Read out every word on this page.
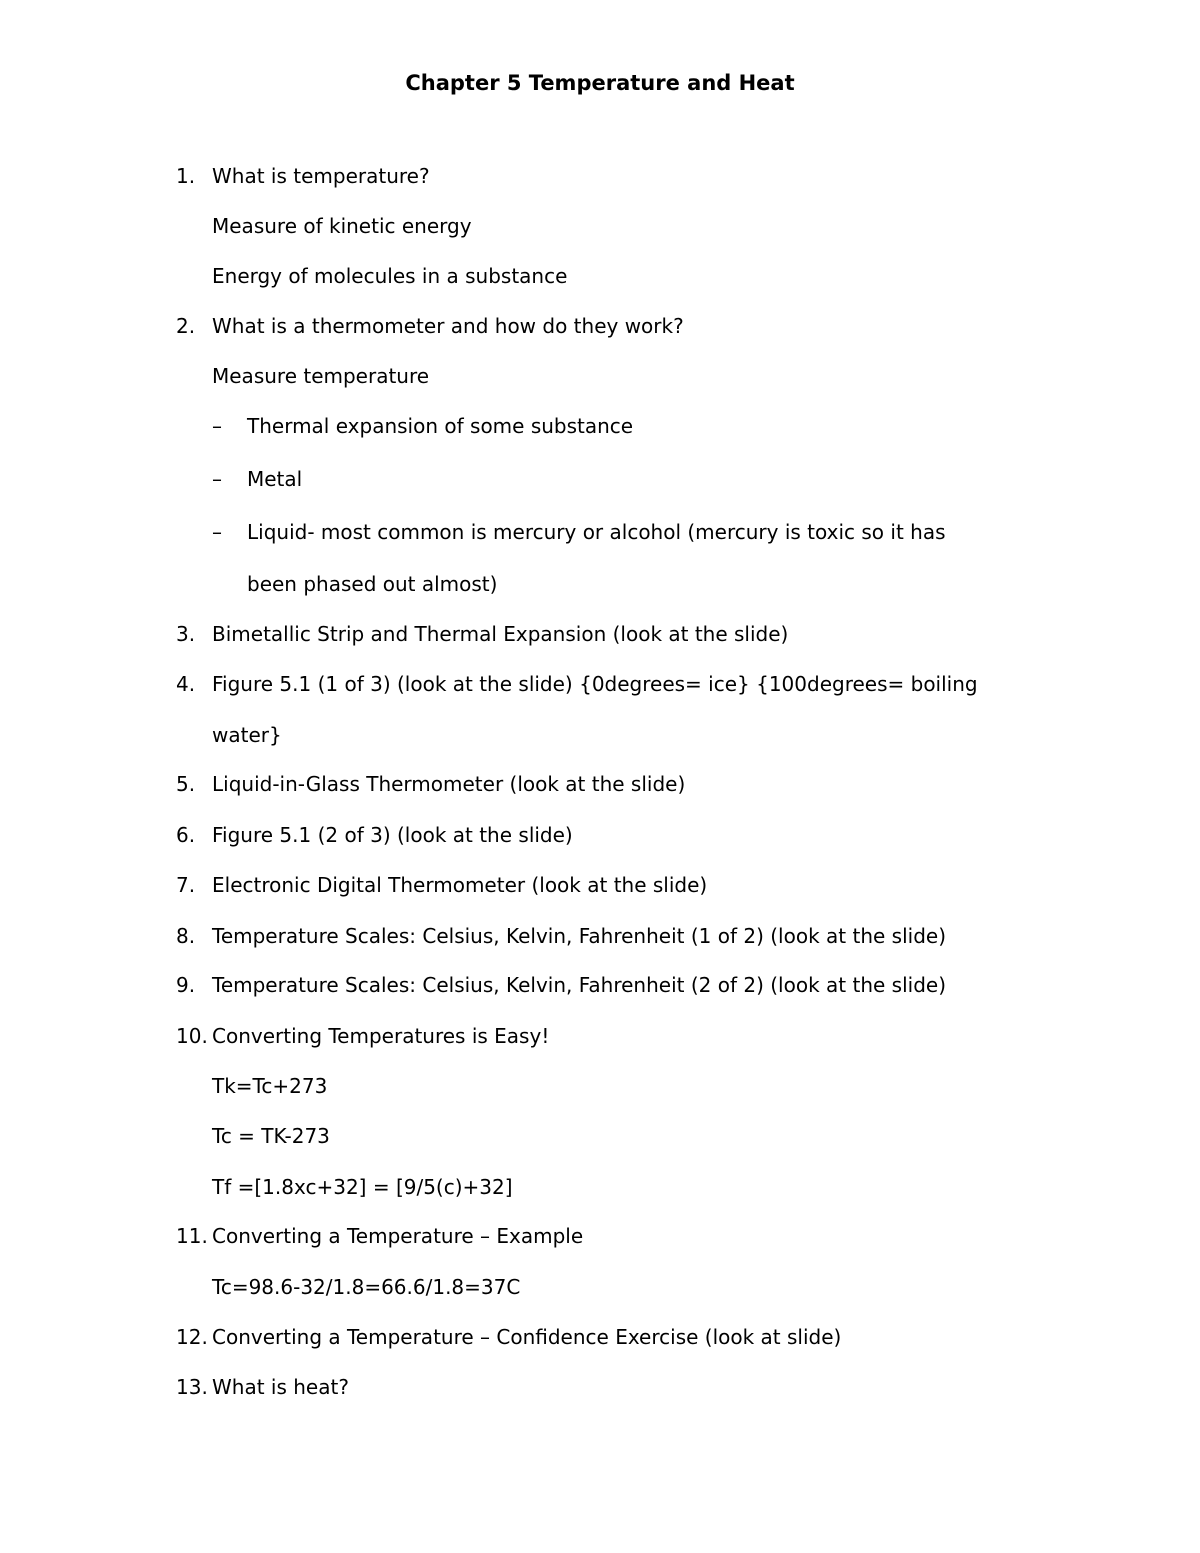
Chapter 5 Temperature and Heat
1. What is temperature?
Measure of kinetic energy
Energy of molecules in a substance
2. What is a thermometer and how do they work?
Measure temperature
– Thermal expansion of some substance
– Metal
– Liquid- most common is mercury or alcohol (mercury is toxic so it has
been phased out almost)
3. Bimetallic Strip and Thermal Expansion (look at the slide)
4. Figure 5.1 (1 of 3) (look at the slide) {0degrees= ice} {100degrees= boiling
water}
5. Liquid-in-Glass Thermometer (look at the slide)
6. Figure 5.1 (2 of 3) (look at the slide)
7. Electronic Digital Thermometer (look at the slide)
8. Temperature Scales: Celsius, Kelvin, Fahrenheit (1 of 2) (look at the slide)
9. Temperature Scales: Celsius, Kelvin, Fahrenheit (2 of 2) (look at the slide)
10. Converting Temperatures is Easy!
Tk=Tc+273
Tc = TK-273
Tf =[1.8xc+32] = [9/5(c)+32]
11. Converting a Temperature – Example
Tc=98.6-32/1.8=66.6/1.8=37C
12. Converting a Temperature – Confidence Exercise (look at slide)
13. What is heat?
